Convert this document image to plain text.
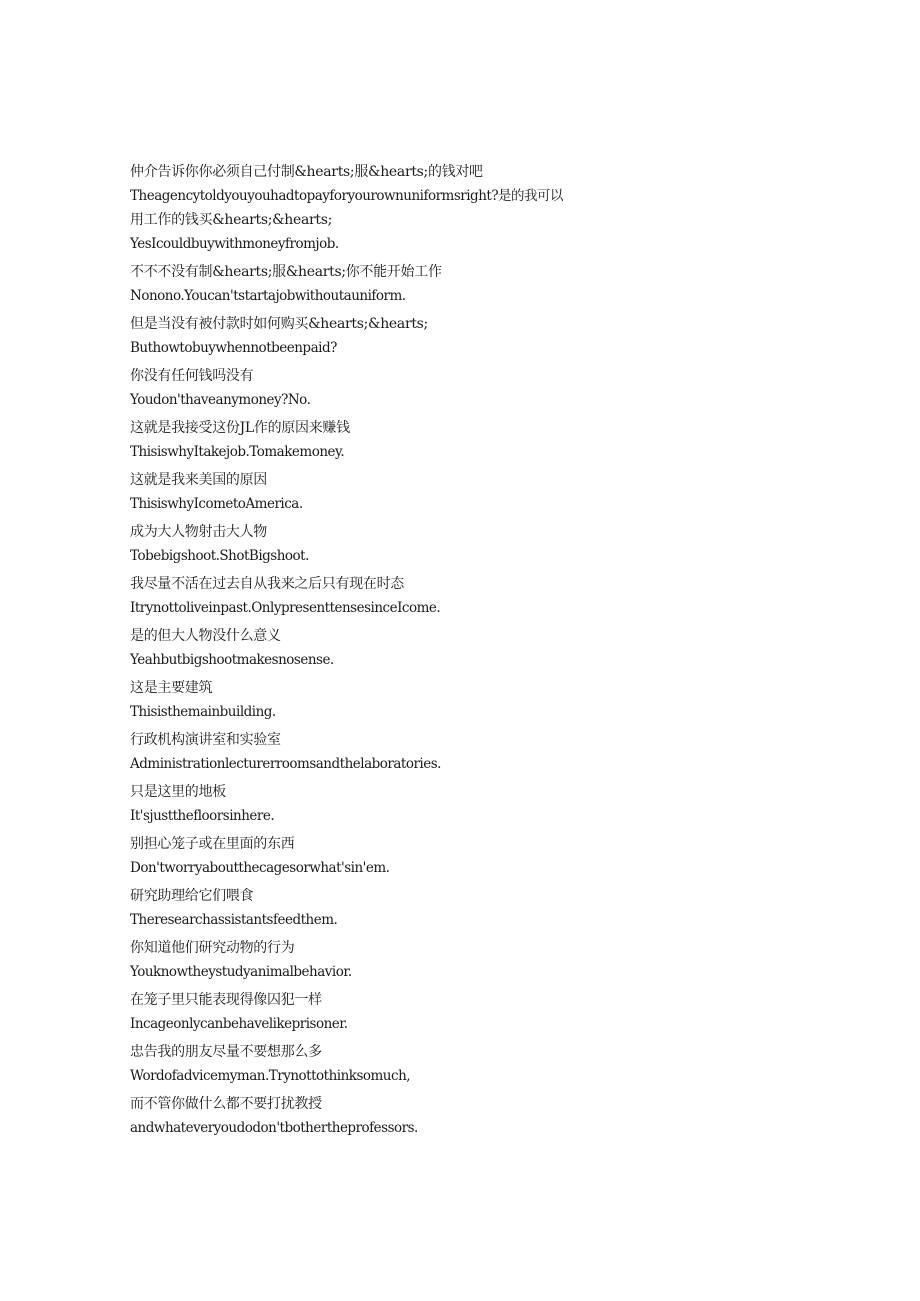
仲介告诉你你必须自己付制&hearts;服&hearts;的钱对吧
Theagencytoldyouyouhadtopayforyourownuniformsright?是的我可以
用工作的钱买&hearts;&hearts;
YesIcouldbuywithmoneyfromjob.
不不不没有制&hearts;服&hearts;你不能开始工作
Nonono.Youcan'tstartajobwithoutauniform.
但是当没有被付款时如何购买&hearts;&hearts;
Buthowtobuywhennotbeenpaid?
你没有任何钱吗没有
Youdon'thaveanymoney?No.
这就是我接受这份JL作的原因来赚钱
ThisiswhyItakejob.Tomakemoney.
这就是我来美国的原因
ThisiswhyIcometoAmerica.
成为大人物射击大人物
Tobebigshoot.ShotBigshoot.
我尽量不活在过去自从我来之后只有现在时态
Itrynottoliveinpast.OnlypresenttensesinceIcome.
是的但大人物没什么意义
Yeahbutbigshootmakesnosense.
这是主要建筑
Thisisthemainbuilding.
行政机构演讲室和实验室
Administrationlecturerroomsandthelaboratories.
只是这里的地板
It'sjustthefloorsinhere.
别担心笼子或在里面的东西
Don'tworryaboutthecagesorwhat'sin'em.
研究助理给它们喂食
Theresearchassistantsfeedthem.
你知道他们研究动物的行为
Youknowtheystudyanimalbehavior.
在笼子里只能表现得像囚犯一样
Incageonlycanbehavelikeprisoner.
忠告我的朋友尽量不要想那么多
Wordofadvicemyman.Trynottothinksomuch,
而不管你做什么都不要打扰教授
andwhateveryoudodon'tbothertheprofessors.
